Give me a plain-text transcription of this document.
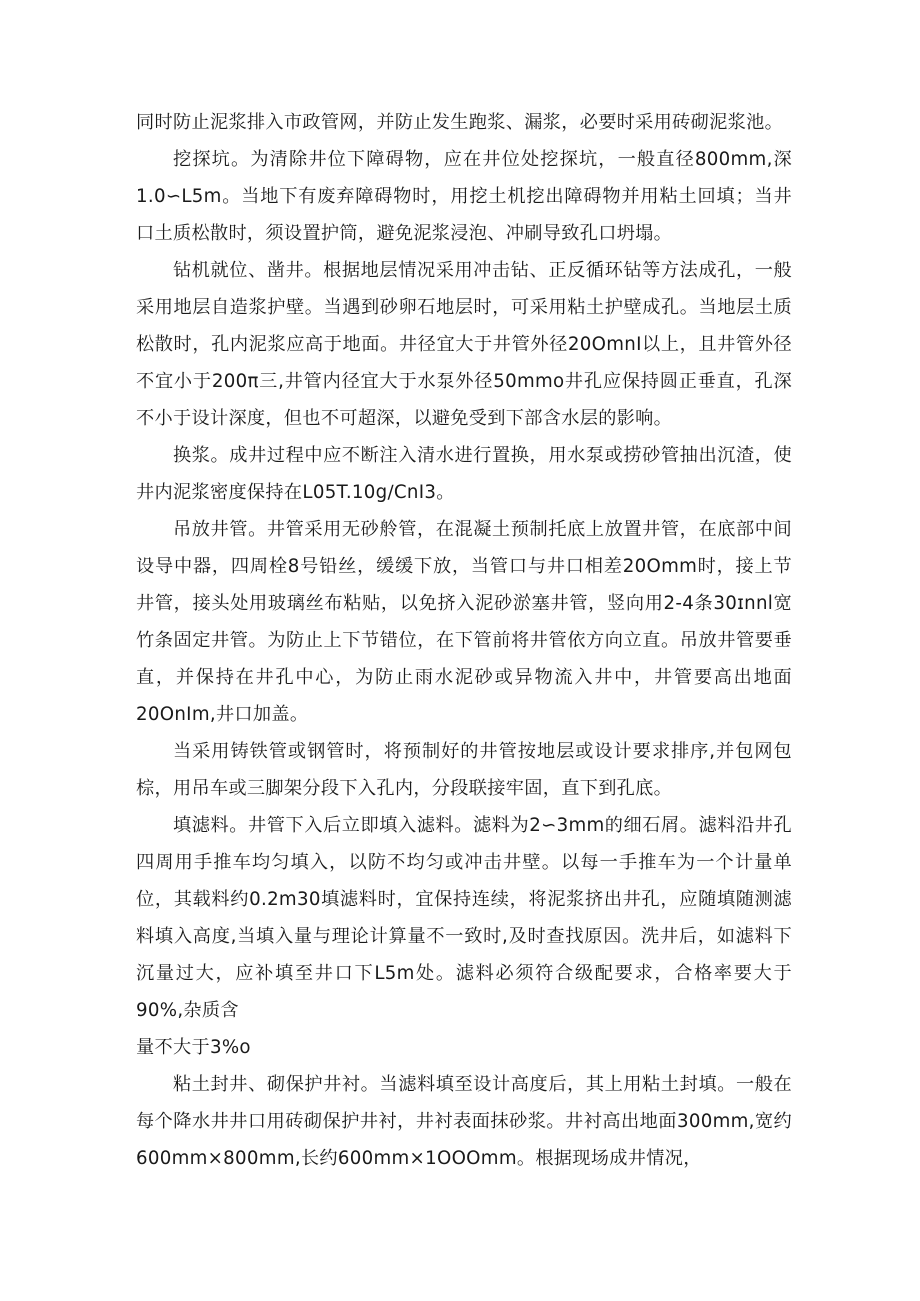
同时防止泥浆排入市政管网，并防止发生跑浆、漏浆，必要时采用砖砌泥浆池。

挖探坑。为清除井位下障碍物，应在井位处挖探坑，一般直径800mm,深1.0∽L5m。当地下有废弃障碍物时，用挖土机挖出障碍物并用粘土回填；当井口土质松散时，须设置护筒，避免泥浆浸泡、冲刷导致孔口坍塌。

钻机就位、凿井。根据地层情况采用冲击钻、正反循环钻等方法成孔，一般采用地层自造浆护壁。当遇到砂卵石地层时，可采用粘土护壁成孔。当地层土质松散时，孔内泥浆应高于地面。井径宜大于井管外径20OmnI以上，且井管外径不宜小于200π三,井管内径宜大于水泵外径50mmo井孔应保持圆正垂直，孔深不小于设计深度，但也不可超深，以避免受到下部含水层的影响。

换浆。成井过程中应不断注入清水进行置换，用水泵或捞砂管抽出沉渣，使井内泥浆密度保持在L05T.10g∕CnI3。

吊放井管。井管采用无砂舲管，在混凝土预制托底上放置井管，在底部中间设导中器，四周栓8号铅丝，缓缓下放，当管口与井口相差20Omm时，接上节井管，接头处用玻璃丝布粘贴，以免挤入泥砂淤塞井管，竖向用2-4条30ɪnnl宽竹条固定井管。为防止上下节错位，在下管前将井管依方向立直。吊放井管要垂直，并保持在井孔中心，为防止雨水泥砂或异物流入井中，井管要高出地面20OnIm,井口加盖。

当采用铸铁管或钢管时，将预制好的井管按地层或设计要求排序,并包网包棕，用吊车或三脚架分段下入孔内，分段联接牢固，直下到孔底。

填滤料。井管下入后立即填入滤料。滤料为2∽3mm的细石屑。滤料沿井孔四周用手推车均匀填入，以防不均匀或冲击井壁。以每一手推车为一个计量单位，其载料约0.2m30填滤料时，宜保持连续，将泥浆挤出井孔，应随填随测滤料填入高度,当填入量与理论计算量不一致时,及时查找原因。洗井后，如滤料下沉量过大，应补填至井口下L5m处。滤料必须符合级配要求，合格率要大于90%,杂质含

量不大于3%o

粘土封井、砌保护井衬。当滤料填至设计高度后，其上用粘土封填。一般在每个降水井井口用砖砌保护井衬，井衬表面抹砂浆。井衬高出地面300mm,宽约600mm×800mm,长约600mm×1OOOmm。根据现场成井情况，
